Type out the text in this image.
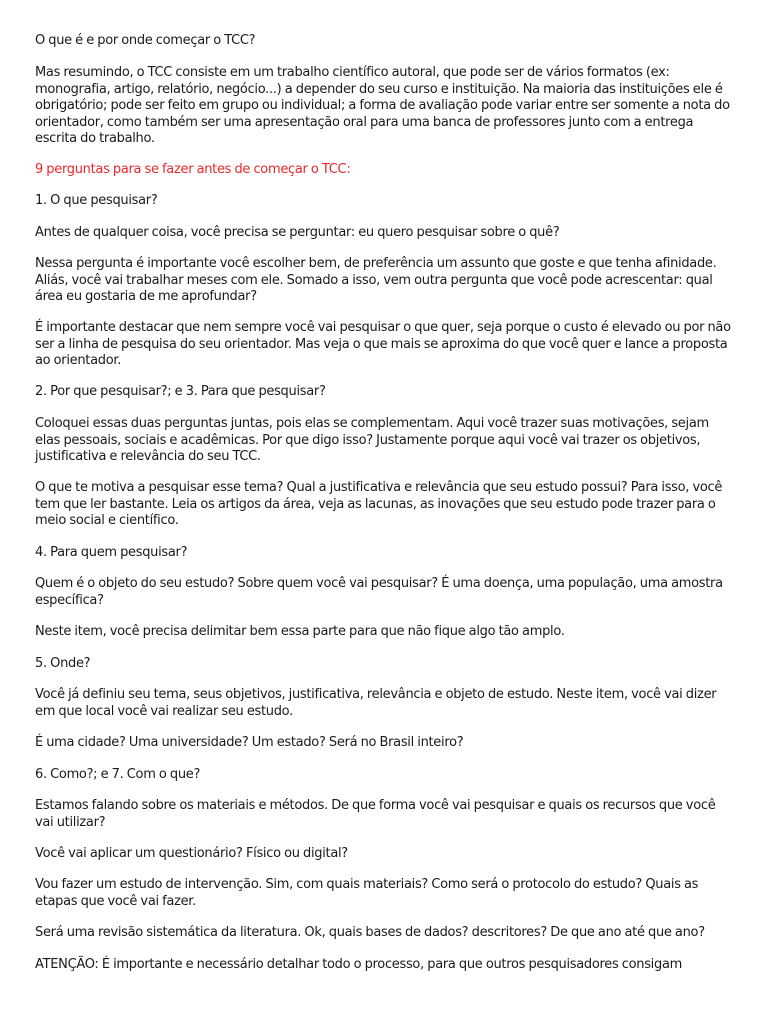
O que é e por onde começar o TCC?

Mas resumindo, o TCC consiste em um trabalho científico autoral, que pode ser de vários formatos (ex: monografia, artigo, relatório, negócio...) a depender do seu curso e instituição. Na maioria das instituições ele é obrigatório; pode ser feito em grupo ou individual; a forma de avaliação pode variar entre ser somente a nota do orientador, como também ser uma apresentação oral para uma banca de professores junto com a entrega escrita do trabalho.

9 perguntas para se fazer antes de começar o TCC:

1. O que pesquisar?

Antes de qualquer coisa, você precisa se perguntar: eu quero pesquisar sobre o quê?

Nessa pergunta é importante você escolher bem, de preferência um assunto que goste e que tenha afinidade. Aliás, você vai trabalhar meses com ele. Somado a isso, vem outra pergunta que você pode acrescentar: qual área eu gostaria de me aprofundar?

É importante destacar que nem sempre você vai pesquisar o que quer, seja porque o custo é elevado ou por não ser a linha de pesquisa do seu orientador. Mas veja o que mais se aproxima do que você quer e lance a proposta ao orientador.

2. Por que pesquisar?; e 3. Para que pesquisar?

Coloquei essas duas perguntas juntas, pois elas se complementam. Aqui você trazer suas motivações, sejam elas pessoais, sociais e acadêmicas. Por que digo isso? Justamente porque aqui você vai trazer os objetivos, justificativa e relevância do seu TCC.

O que te motiva a pesquisar esse tema? Qual a justificativa e relevância que seu estudo possui? Para isso, você tem que ler bastante. Leia os artigos da área, veja as lacunas, as inovações que seu estudo pode trazer para o meio social e científico.

4. Para quem pesquisar?

Quem é o objeto do seu estudo? Sobre quem você vai pesquisar? É uma doença, uma população, uma amostra específica?

Neste item, você precisa delimitar bem essa parte para que não fique algo tão amplo.

5. Onde?

Você já definiu seu tema, seus objetivos, justificativa, relevância e objeto de estudo. Neste item, você vai dizer em que local você vai realizar seu estudo.

É uma cidade? Uma universidade? Um estado? Será no Brasil inteiro?

6. Como?; e 7. Com o que?

Estamos falando sobre os materiais e métodos. De que forma você vai pesquisar e quais os recursos que você vai utilizar?

Você vai aplicar um questionário? Físico ou digital?

Vou fazer um estudo de intervenção. Sim, com quais materiais? Como será o protocolo do estudo? Quais as etapas que você vai fazer.

Será uma revisão sistemática da literatura. Ok, quais bases de dados? descritores? De que ano até que ano?

ATENÇÃO: É importante e necessário detalhar todo o processo, para que outros pesquisadores consigam
